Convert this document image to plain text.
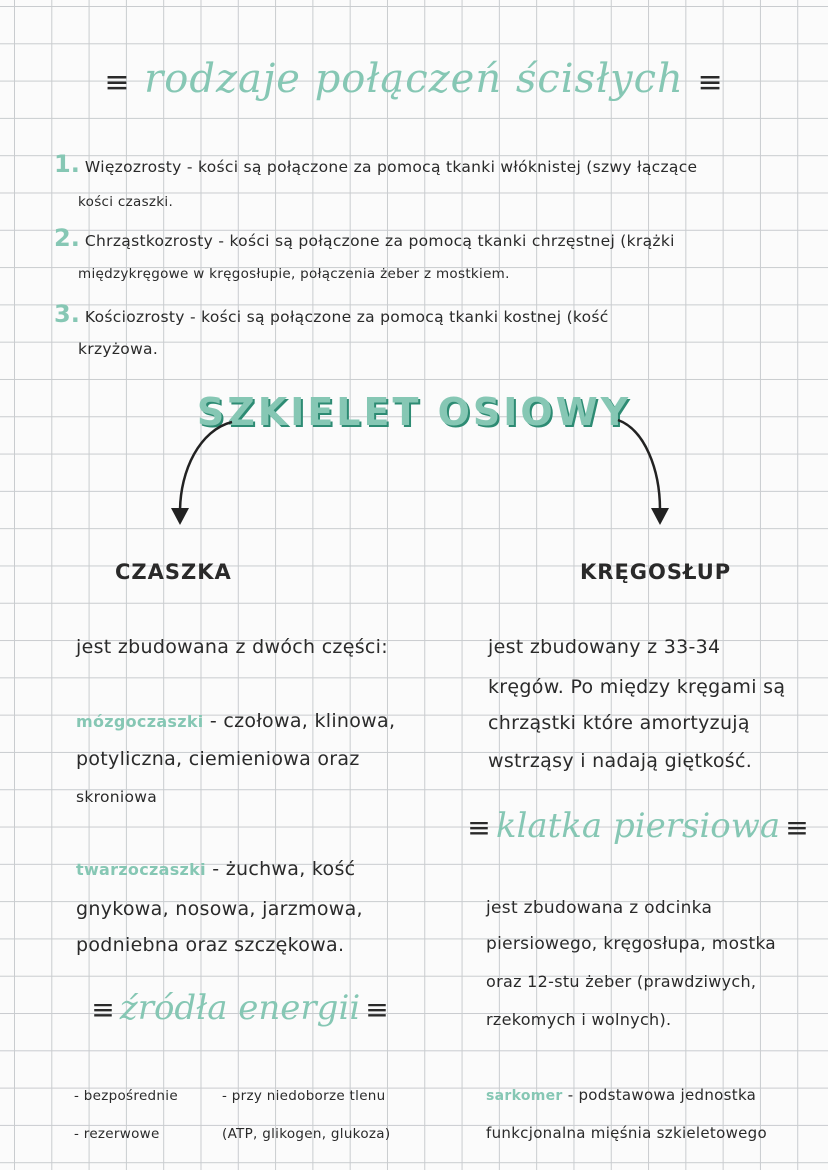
≡ rodzaje połączeń ścisłych ≡
1. Więzozrosty - kości są połączone za pomocą tkanki włóknistej (szwy łączące
kości czaszki.
2. Chrząstkozrosty - kości są połączone za pomocą tkanki chrzęstnej (krążki
międzykręgowe w kręgosłupie, połączenia żeber z mostkiem.
3. Kościozrosty - kości są połączone za pomocą tkanki kostnej (kość
krzyżowa.
SZKIELET OSIOWY
CZASZKA
jest zbudowana z dwóch części:
mózgoczaszki - czołowa, klinowa,
potyliczna, ciemieniowa oraz
skroniowa
twarzoczaszki - żuchwa, kość
gnykowa, nosowa, jarzmowa,
podniebna oraz szczękowa.
KRĘGOSŁUP
jest zbudowany z 33-34
kręgów. Po między kręgami są
chrząstki które amortyzują
wstrząsy i nadają giętkość.
≡ klatka piersiowa ≡
jest zbudowana z odcinka
piersiowego, kręgosłupa, mostka
oraz 12-stu żeber (prawdziwych,
rzekomych i wolnych).
≡ źródła energii ≡
- bezpośrednie
- rezerwowe
- przy niedoborze tlenu
(ATP, glikogen, glukoza)
sarkomer - podstawowa jednostka
funkcjonalna mięśnia szkieletowego
